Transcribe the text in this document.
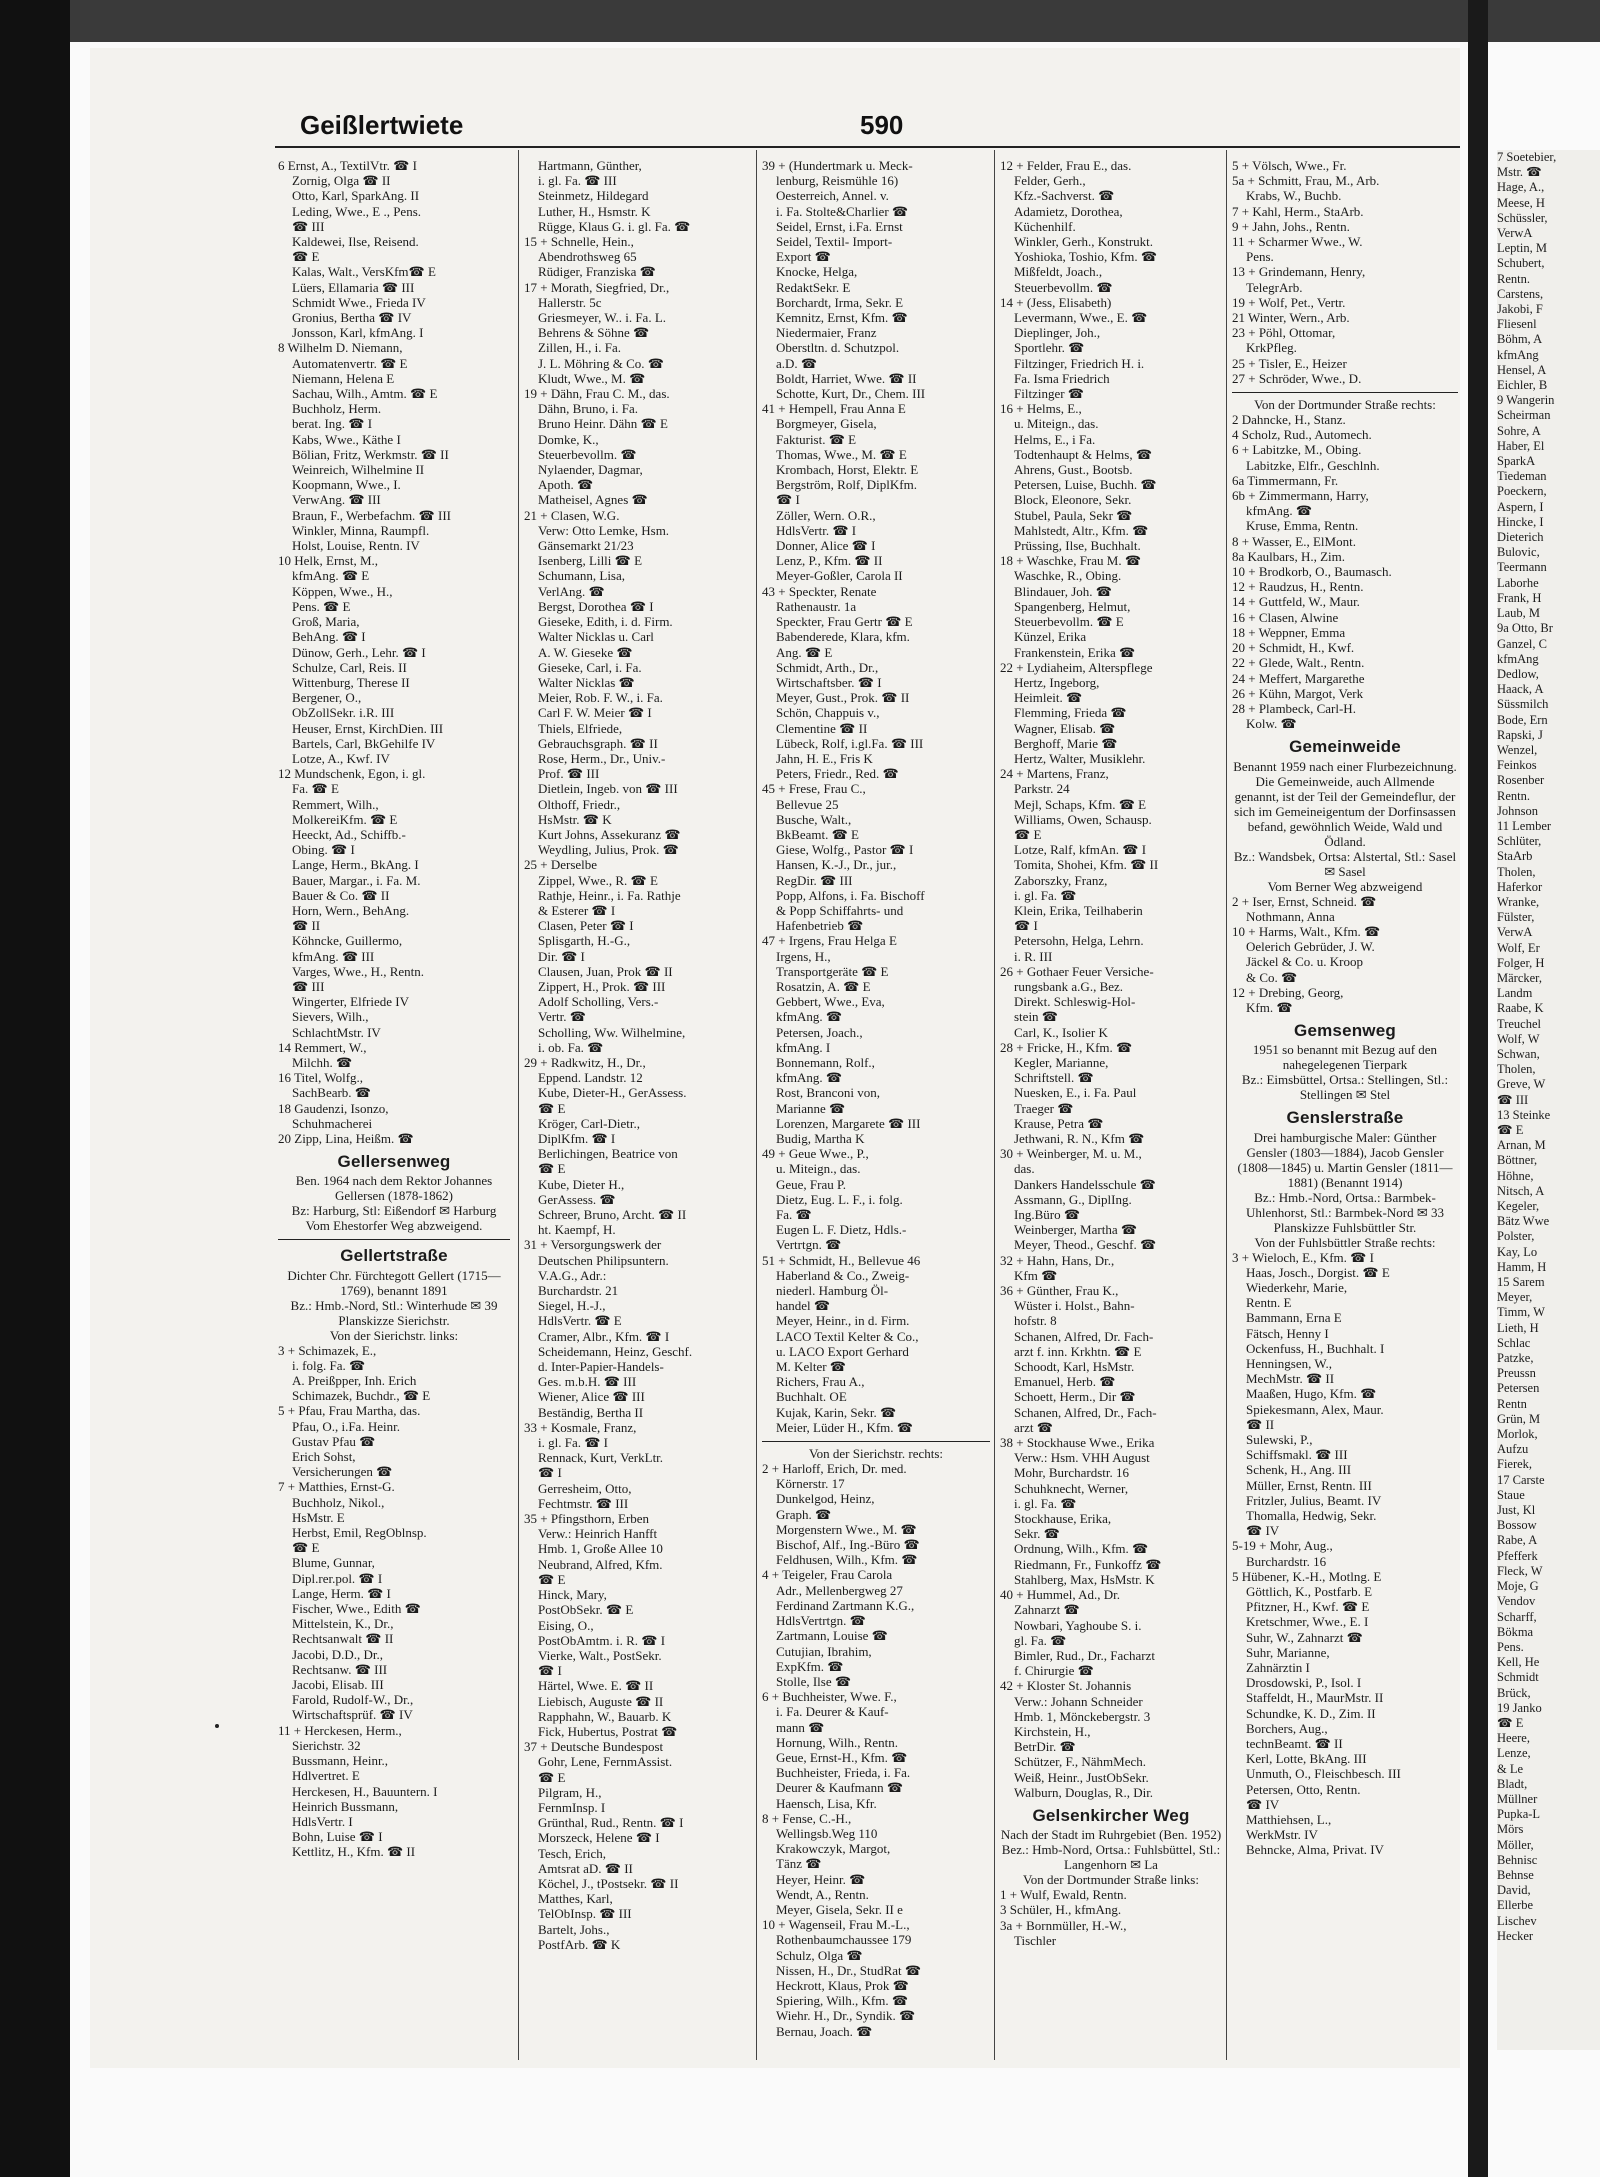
Geißlertwiete	590
6 Ernst, A., TextilVtr. ☎ I
Zornig, Olga ☎ II
Otto, Karl, SparkAng. II
Leding, Wwe., E ., Pens.
☎ III
Kaldewei, Ilse, Reisend.
☎ E
Kalas, Walt., VersKfm☎ E
Lüers, Ellamaria ☎ III
Schmidt Wwe., Frieda IV
Gronius, Bertha ☎ IV
Jonsson, Karl, kfmAng. I
8 Wilhelm D. Niemann,
Automatenvertr. ☎ E
Niemann, Helena E
Sachau, Wilh., Amtm. ☎ E
Buchholz, Herm.
berat. Ing. ☎ I
Kabs, Wwe., Käthe I
Bölian, Fritz, Werkmstr. ☎ II
Weinreich, Wilhelmine II
Koopmann, Wwe., I.
VerwAng. ☎ III
Braun, F., Werbefachm. ☎ III
Winkler, Minna, Raumpfl.
Holst, Louise, Rentn. IV
10 Helk, Ernst, M.,
kfmAng. ☎ E
Köppen, Wwe., H.,
Pens. ☎ E
Groß, Maria,
BehAng. ☎ I
Dünow, Gerh., Lehr. ☎ I
Schulze, Carl, Reis. II
Wittenburg, Therese II
Bergener, O.,
ObZollSekr. i.R. III
Heuser, Ernst, KirchDien. III
Bartels, Carl, BkGehilfe IV
Lotze, A., Kwf. IV
12 Mundschenk, Egon, i. gl.
Fa. ☎ E
Remmert, Wilh.,
MolkereiKfm. ☎ E
Heeckt, Ad., Schiffb.-
Obing. ☎ I
Lange, Herm., BkAng. I
Bauer, Margar., i. Fa. M.
Bauer & Co. ☎ II
Horn, Wern., BehAng.
☎ II
Köhncke, Guillermo,
kfmAng. ☎ III
Varges, Wwe., H., Rentn.
☎ III
Wingerter, Elfriede IV
Sievers, Wilh.,
SchlachtMstr. IV
14 Remmert, W.,
Milchh. ☎
16 Titel, Wolfg.,
SachBearb. ☎
18 Gaudenzi, Isonzo,
Schuhmacherei
20 Zipp, Lina, Heißm. ☎
Gellersenweg
Ben. 1964 nach dem Rektor Johannes Gellersen (1878-1862)
Bz: Harburg, Stl: Eißendorf ✉ Harburg
Vom Ehestorfer Weg abzweigend.
Gellertstraße
Dichter Chr. Fürchtegott Gellert (1715—1769), benannt 1891
Bz.: Hmb.-Nord, Stl.: Winterhude ✉ 39
Planskizze Sierichstr.
Von der Sierichstr. links:
3 + Schimazek, E.,
i. folg. Fa. ☎
A. Preißpper, Inh. Erich
Schimazek, Buchdr., ☎ E
5 + Pfau, Frau Martha, das.
Pfau, O., i.Fa. Heinr.
Gustav Pfau ☎
Erich Sohst,
Versicherungen ☎
7 + Matthies, Ernst-G.
Buchholz, Nikol.,
HsMstr. E
Herbst, Emil, RegOblnsp.
☎ E
Blume, Gunnar,
Dipl.rer.pol. ☎ I
Lange, Herm. ☎ I
Fischer, Wwe., Edith ☎
Mittelstein, K., Dr.,
Rechtsanwalt ☎ II
Jacobi, D.D., Dr.,
Rechtsanw. ☎ III
Jacobi, Elisab. III
Farold, Rudolf-W., Dr.,
Wirtschaftsprüf. ☎ IV
11 + Herckesen, Herm.,
Sierichstr. 32
Bussmann, Heinr.,
Hdlvertret. E
Herckesen, H., Bauuntern. I
Heinrich Bussmann,
HdlsVertr. I
Bohn, Luise ☎ I
Kettlitz, H., Kfm. ☎ II
Hartmann, Günther,
i. gl. Fa. ☎ III
Steinmetz, Hildegard
Luther, H., Hsmstr. K
Rügge, Klaus G. i. gl. Fa. ☎
15 + Schnelle, Hein.,
Abendrothsweg 65
Rüdiger, Franziska ☎
17 + Morath, Siegfried, Dr.,
Hallerstr. 5c
Griesmeyer, W.. i. Fa. L.
Behrens & Söhne ☎
Zillen, H., i. Fa.
J. L. Möhring & Co. ☎
Kludt, Wwe., M. ☎
19 + Dähn, Frau C. M., das.
Dähn, Bruno, i. Fa.
Bruno Heinr. Dähn ☎ E
Domke, K.,
Steuerbevollm. ☎
Nylaender, Dagmar,
Apoth. ☎
Matheisel, Agnes ☎
21 + Clasen, W.G.
Verw: Otto Lemke, Hsm.
Gänsemarkt 21/23
Isenberg, Lilli ☎ E
Schumann, Lisa,
VerlAng. ☎
Bergst, Dorothea ☎ I
Gieseke, Edith, i. d. Firm.
Walter Nicklas u. Carl
A. W. Gieseke ☎
Gieseke, Carl, i. Fa.
Walter Nicklas ☎
Meier, Rob. F. W., i. Fa.
Carl F. W. Meier ☎ I
Thiels, Elfriede,
Gebrauchsgraph. ☎ II
Rose, Herm., Dr., Univ.-
Prof. ☎ III
Dietlein, Ingeb. von ☎ III
Olthoff, Friedr.,
HsMstr. ☎ K
Kurt Johns, Assekuranz ☎
Weydling, Julius, Prok. ☎
25 + Derselbe
Zippel, Wwe., R. ☎ E
Rathje, Heinr., i. Fa. Rathje
& Esterer ☎ I
Clasen, Peter ☎ I
Splisgarth, H.-G.,
Dir. ☎ I
Clausen, Juan, Prok ☎ II
Zippert, H., Prok. ☎ III
Adolf Scholling, Vers.-
Vertr. ☎
Scholling, Ww. Wilhelmine,
i. ob. Fa. ☎
29 + Radkwitz, H., Dr.,
Eppend. Landstr. 12
Kube, Dieter-H., GerAssess.
☎ E
Kröger, Carl-Dietr.,
DiplKfm. ☎ I
Berlichingen, Beatrice von
☎ E
Kube, Dieter H.,
GerAssess. ☎
Schreer, Bruno, Archt. ☎ II
ht. Kaempf, H.
31 + Versorgungswerk der
Deutschen Philipsuntern.
V.A.G., Adr.:
Burchardstr. 21
Siegel, H.-J.,
HdlsVertr. ☎ E
Cramer, Albr., Kfm. ☎ I
Scheidemann, Heinz, Geschf.
d. Inter-Papier-Handels-
Ges. m.b.H. ☎ III
Wiener, Alice ☎ III
Beständig, Bertha II
33 + Kosmale, Franz,
i. gl. Fa. ☎ I
Rennack, Kurt, VerkLtr.
☎ I
Gerresheim, Otto,
Fechtmstr. ☎ III
35 + Pfingsthorn, Erben
Verw.: Heinrich Hanfft
Hmb. 1, Große Allee 10
Neubrand, Alfred, Kfm.
☎ E
Hinck, Mary,
PostObSekr. ☎ E
Eising, O.,
PostObAmtm. i. R. ☎ I
Vierke, Walt., PostSekr.
☎ I
Härtel, Wwe. E. ☎ II
Liebisch, Auguste ☎ II
Rapphahn, W., Bauarb. K
Fick, Hubertus, Postrat ☎
37 + Deutsche Bundespost
Gohr, Lene, FernmAssist.
☎ E
Pilgram, H.,
FernmInsp. I
Grünthal, Rud., Rentn. ☎ I
Morszeck, Helene ☎ I
Tesch, Erich,
Amtsrat aD. ☎ II
Köchel, J., tPostsekr. ☎ II
Matthes, Karl,
TelObInsp. ☎ III
Bartelt, Johs.,
PostfArb. ☎ K
39 + (Hundertmark u. Meck-
lenburg, Reismühle 16)
Oesterreich, Annel. v.
i. Fa. Stolte&Charlier ☎
Seidel, Ernst, i.Fa. Ernst
Seidel, Textil- Import-
Export ☎
Knocke, Helga,
RedaktSekr. E
Borchardt, Irma, Sekr. E
Kemnitz, Ernst, Kfm. ☎
Niedermaier, Franz
Oberstltn. d. Schutzpol.
a.D. ☎
Boldt, Harriet, Wwe. ☎ II
Schotte, Kurt, Dr., Chem. III
41 + Hempell, Frau Anna E
Borgmeyer, Gisela,
Fakturist. ☎ E
Thomas, Wwe., M. ☎ E
Krombach, Horst, Elektr. E
Bergström, Rolf, DiplKfm.
☎ I
Zöller, Wern. O.R.,
HdlsVertr. ☎ I
Donner, Alice ☎ I
Lenz, P., Kfm. ☎ II
Meyer-Goßler, Carola II
43 + Speckter, Renate
Rathenaustr. 1a
Speckter, Frau Gertr ☎ E
Babenderede, Klara, kfm.
Ang. ☎ E
Schmidt, Arth., Dr.,
Wirtschaftsber. ☎ I
Meyer, Gust., Prok. ☎ II
Schön, Chappuis v.,
Clementine ☎ II
Lübeck, Rolf, i.gl.Fa. ☎ III
Jahn, H. E., Fris K
Peters, Friedr., Red. ☎
45 + Frese, Frau C.,
Bellevue 25
Busche, Walt.,
BkBeamt. ☎ E
Giese, Wolfg., Pastor ☎ I
Hansen, K.-J., Dr., jur.,
RegDir. ☎ III
Popp, Alfons, i. Fa. Bischoff
& Popp Schiffahrts- und
Hafenbetrieb ☎
47 + Irgens, Frau Helga E
Irgens, H.,
Transportgeräte ☎ E
Rosatzin, A. ☎ E
Gebbert, Wwe., Eva,
kfmAng. ☎
Petersen, Joach.,
kfmAng. I
Bonnemann, Rolf.,
kfmAng. ☎
Rost, Branconi von,
Marianne ☎
Lorenzen, Margarete ☎ III
Budig, Martha K
49 + Geue Wwe., P.,
u. Miteign., das.
Geue, Frau P.
Dietz, Eug. L. F., i. folg.
Fa. ☎
Eugen L. F. Dietz, Hdls.-
Vertrtgn. ☎
51 + Schmidt, H., Bellevue 46
Haberland & Co., Zweig-
niederl. Hamburg Öl-
handel ☎
Meyer, Heinr., in d. Firm.
LACO Textil Kelter & Co.,
u. LACO Export Gerhard
M. Kelter ☎
Richers, Frau A.,
Buchhalt. OE
Kujak, Karin, Sekr. ☎
Meier, Lüder H., Kfm. ☎
Von der Sierichstr. rechts:
2 + Harloff, Erich, Dr. med.
Körnerstr. 17
Dunkelgod, Heinz,
Graph. ☎
Morgenstern Wwe., M. ☎
Bischof, Alf., Ing.-Büro ☎
Feldhusen, Wilh., Kfm. ☎
4 + Teigeler, Frau Carola
Adr., Mellenbergweg 27
Ferdinand Zartmann K.G.,
HdlsVertrtgn. ☎
Zartmann, Louise ☎
Cutujian, Ibrahim,
ExpKfm. ☎
Stolle, Ilse ☎
6 + Buchheister, Wwe. F.,
i. Fa. Deurer & Kauf-
mann ☎
Hornung, Wilh., Rentn.
Geue, Ernst-H., Kfm. ☎
Buchheister, Frieda, i. Fa.
Deurer & Kaufmann ☎
Haensch, Lisa, Kfr.
8 + Fense, C.-H.,
Wellingsb.Weg 110
Krakowczyk, Margot,
Tänz ☎
Heyer, Heinr. ☎
Wendt, A., Rentn.
Meyer, Gisela, Sekr. II e
10 + Wagenseil, Frau M.-L.,
Rothenbaumchaussee 179
Schulz, Olga ☎
Nissen, H., Dr., StudRat ☎
Heckrott, Klaus, Prok ☎
Spiering, Wilh., Kfm. ☎
Wiehr. H., Dr., Syndik. ☎
Bernau, Joach. ☎
12 + Felder, Frau E., das.
Felder, Gerh.,
Kfz.-Sachverst. ☎
Adamietz, Dorothea,
Küchenhilf.
Winkler, Gerh., Konstrukt.
Yoshioka, Toshio, Kfm. ☎
Mißfeldt, Joach.,
Steuerbevollm. ☎
14 + (Jess, Elisabeth)
Levermann, Wwe., E. ☎
Dieplinger, Joh.,
Sportlehr. ☎
Filtzinger, Friedrich H. i.
Fa. Isma Friedrich
Filtzinger ☎
16 + Helms, E.,
u. Miteign., das.
Helms, E., i Fa.
Todtenhaupt & Helms, ☎
Ahrens, Gust., Bootsb.
Petersen, Luise, Buchh. ☎
Block, Eleonore, Sekr.
Stubel, Paula, Sekr ☎
Mahlstedt, Altr., Kfm. ☎
Prüssing, Ilse, Buchhalt.
18 + Waschke, Frau M. ☎
Waschke, R., Obing.
Blindauer, Joh. ☎
Spangenberg, Helmut,
Steuerbevollm. ☎ E
Künzel, Erika
Frankenstein, Erika ☎
22 + Lydiaheim, Alterspflege
Hertz, Ingeborg,
Heimleit. ☎
Flemming, Frieda ☎
Wagner, Elisab. ☎
Berghoff, Marie ☎
Hertz, Walter, Musiklehr.
24 + Martens, Franz,
Parkstr. 24
Mejl, Schaps, Kfm. ☎ E
Williams, Owen, Schausp.
☎ E
Lotze, Ralf, kfmAn. ☎ I
Tomita, Shohei, Kfm. ☎ II
Zaborszky, Franz,
i. gl. Fa. ☎
Klein, Erika, Teilhaberin
☎ I
Petersohn, Helga, Lehrn.
i. R. III
26 + Gothaer Feuer Versiche-
rungsbank a.G., Bez.
Direkt. Schleswig-Hol-
stein ☎
Carl, K., Isolier K
28 + Fricke, H., Kfm. ☎
Kegler, Marianne,
Schriftstell. ☎
Nuesken, E., i. Fa. Paul
Traeger ☎
Krause, Petra ☎
Jethwani, R. N., Kfm ☎
30 + Weinberger, M. u. M.,
das.
Dankers Handelsschule ☎
Assmann, G., DiplIng.
Ing.Büro ☎
Weinberger, Martha ☎
Meyer, Theod., Geschf. ☎
32 + Hahn, Hans, Dr.,
Kfm ☎
36 + Günther, Frau K.,
Wüster i. Holst., Bahn-
hofstr. 8
Schanen, Alfred, Dr. Fach-
arzt f. inn. Krkhtn. ☎ E
Schoodt, Karl, HsMstr.
Emanuel, Herb. ☎
Schoett, Herm., Dir ☎
Schanen, Alfred, Dr., Fach-
arzt ☎
38 + Stockhause Wwe., Erika
Verw.: Hsm. VHH August
Mohr, Burchardstr. 16
Schuhknecht, Werner,
i. gl. Fa. ☎
Stockhause, Erika,
Sekr. ☎
Ordnung, Wilh., Kfm. ☎
Riedmann, Fr., Funkoffz ☎
Stahlberg, Max, HsMstr. K
40 + Hummel, Ad., Dr.
Zahnarzt ☎
Nowbari, Yaghoube S. i.
gl. Fa. ☎
Bimler, Rud., Dr., Facharzt
f. Chirurgie ☎
42 + Kloster St. Johannis
Verw.: Johann Schneider
Hmb. 1, Mönckebergstr. 3
Kirchstein, H.,
BetrDir. ☎
Schützer, F., NähmMech.
Weiß, Heinr., JustObSekr.
Walburn, Douglas, R., Dir.
Gelsenkircher Weg
Nach der Stadt im Ruhrgebiet (Ben. 1952)
Bez.: Hmb-Nord, Ortsa.: Fuhlsbüttel, Stl.: Langenhorn ✉ La
Von der Dortmunder Straße links:
1 + Wulf, Ewald, Rentn.
3 Schüler, H., kfmAng.
3a + Bornmüller, H.-W.,
Tischler
5 + Völsch, Wwe., Fr.
5a + Schmitt, Frau, M., Arb.
Krabs, W., Buchb.
7 + Kahl, Herm., StaArb.
9 + Jahn, Johs., Rentn.
11 + Scharmer Wwe., W.
Pens.
13 + Grindemann, Henry,
TelegrArb.
19 + Wolf, Pet., Vertr.
21 Winter, Wern., Arb.
23 + Pöhl, Ottomar,
KrkPfleg.
25 + Tisler, E., Heizer
27 + Schröder, Wwe., D.
Von der Dortmunder Straße rechts:
2 Dahncke, H., Stanz.
4 Scholz, Rud., Automech.
6 + Labitzke, M., Obing.
Labitzke, Elfr., Geschlnh.
6a Timmermann, Fr.
6b + Zimmermann, Harry,
kfmAng. ☎
Kruse, Emma, Rentn.
8 + Wasser, E., ElMont.
8a Kaulbars, H., Zim.
10 + Brodkorb, O., Baumasch.
12 + Raudzus, H., Rentn.
14 + Guttfeld, W., Maur.
16 + Clasen, Alwine
18 + Weppner, Emma
20 + Schmidt, H., Kwf.
22 + Glede, Walt., Rentn.
24 + Meffert, Margarethe
26 + Kühn, Margot, Verk
28 + Plambeck, Carl-H.
Kolw. ☎
Gemeinweide
Benannt 1959 nach einer Flurbezeichnung.
Die Gemeinweide, auch Allmende genannt, ist der Teil der Gemeindeflur, der sich im Gemeineigentum der Dorfinsassen befand, gewöhnlich Weide, Wald und Ödland.
Bz.: Wandsbek, Ortsa: Alstertal, Stl.: Sasel ✉ Sasel
Vom Berner Weg abzweigend
2 + Iser, Ernst, Schneid. ☎
Nothmann, Anna
10 + Harms, Walt., Kfm. ☎
Oelerich Gebrüder, J. W.
Jäckel & Co. u. Kroop
& Co. ☎
12 + Drebing, Georg,
Kfm. ☎
Gemsenweg
1951 so benannt mit Bezug auf den nahegelegenen Tierpark
Bz.: Eimsbüttel, Ortsa.: Stellingen, Stl.: Stellingen ✉ Stel
Genslerstraße
Drei hamburgische Maler: Günther Gensler (1803—1884), Jacob Gensler (1808—1845) u. Martin Gensler (1811—1881) (Benannt 1914)
Bz.: Hmb.-Nord, Ortsa.: Barmbek-Uhlenhorst, Stl.: Barmbek-Nord ✉ 33
Planskizze Fuhlsbüttler Str.
Von der Fuhlsbüttler Straße rechts:
3 + Wieloch, E., Kfm. ☎ I
Haas, Josch., Dorgist. ☎ E
Wiederkehr, Marie,
Rentn. E
Bammann, Erna E
Fätsch, Henny I
Ockenfuss, H., Buchhalt. I
Henningsen, W.,
MechMstr. ☎ II
Maaßen, Hugo, Kfm. ☎
Spiekesmann, Alex, Maur.
☎ II
Sulewski, P.,
Schiffsmakl. ☎ III
Schenk, H., Ang. III
Müller, Ernst, Rentn. III
Fritzler, Julius, Beamt. IV
Thomalla, Hedwig, Sekr.
☎ IV
5-19 + Mohr, Aug.,
Burchardstr. 16
5 Hübener, K.-H., Motlng. E
Göttlich, K., Postfarb. E
Pfitzner, H., Kwf. ☎ E
Kretschmer, Wwe., E. I
Suhr, W., Zahnarzt ☎
Suhr, Marianne,
Zahnärztin I
Drosdowski, P., Isol. I
Staffeldt, H., MaurMstr. II
Schundke, K. D., Zim. II
Borchers, Aug.,
technBeamt. ☎ II
Kerl, Lotte, BkAng. III
Unmuth, O., Fleischbesch. III
Petersen, Otto, Rentn.
☎ IV
Matthiehsen, L.,
WerkMstr. IV
Behncke, Alma, Privat. IV
7 Soetebier,
Mstr. ☎
Hage, A.,
Meese, H
Schüssler,
VerwA
Leptin, M
Schubert,
Rentn.
Carstens,
Jakobi, F
Fliesenl
Böhm, A
kfmAng
Hensel, A
Eichler, B
9 Wangerin
Scheirman
Sohre, A
Haber, El
SparkA
Tiedeman
Poeckern,
Aspern, I
Hincke, I
Dieterich
Bulovic,
Teermann
Laborhe
Frank, H
Laub, M
9a Otto, Br
Ganzel, C
kfmAng
Dedlow,
Haack, A
Süssmilch
Bode, Ern
Rapski, J
Wenzel,
Feinkos
Rosenber
Rentn.
Johnson
11 Lember
Schlüter,
StaArb
Tholen,
Haferkor
Wranke,
Fülster,
VerwA
Wolf, Er
Folger, H
Märcker,
Landm
Raabe, K
Treuchel
Wolf, W
Schwan,
Tholen,
Greve, W
☎ III
13 Steinke
☎ E
Arnan, M
Böttner,
Höhne,
Nitsch, A
Kegeler,
Bätz Wwe
Polster,
Kay, Lo
Hamm, H
15 Sarem
Meyer,
Timm, W
Lieth, H
Schlac
Patzke,
Preussn
Petersen
Rentn
Grün, M
Morlok,
Aufzu
Fierek,
17 Carste
Staue
Just, Kl
Bossow
Rabe, A
Pfefferk
Fleck, W
Moje, G
Vendov
Scharff,
Bökma
Pens.
Kell, He
Schmidt
Brück,
19 Janko
☎ E
Heere,
Lenze,
& Le
Bladt,
Müllner
Pupka-L
Mörs
Möller,
Behnisc
Behnse
David,
Ellerbe
Lischev
Hecker
